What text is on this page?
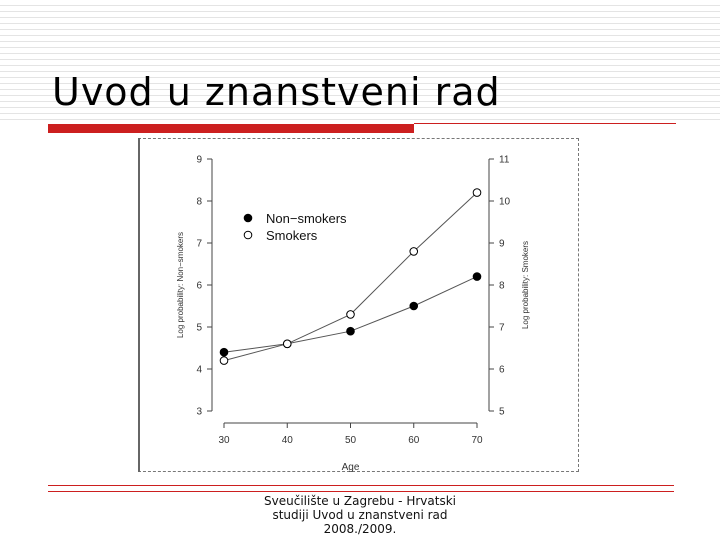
Uvod u znanstveni rad
3
4
5
6
7
8
9
5
6
7
8
9
10
11
30	40	50	60	70
Age
Log probability: Non−smokers	Log probability: Smokers
Non−smokers
Smokers
Sveučilište u Zagrebu - Hrvatski
studiji Uvod u znanstveni rad
2008./2009.
